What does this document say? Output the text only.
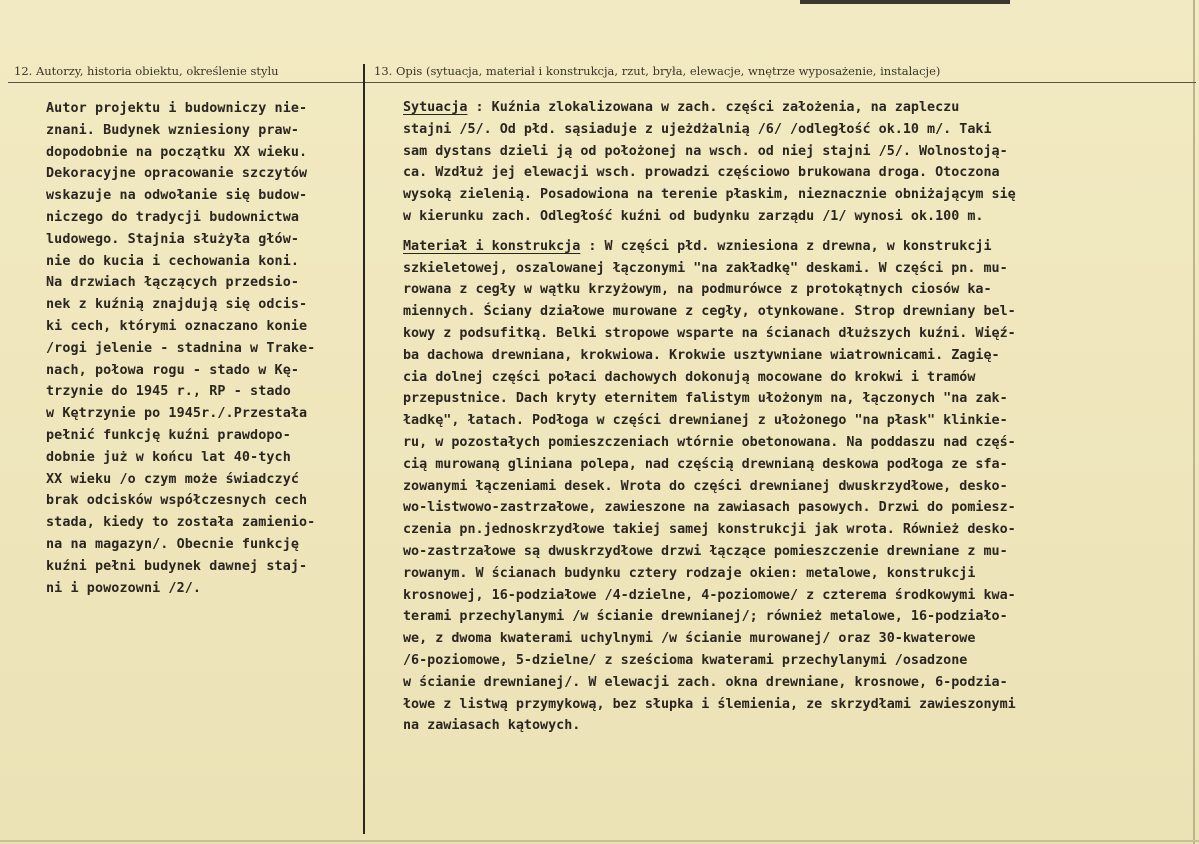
12. Autorzy, historia obiektu, określenie stylu	13. Opis (sytuacja, materiał i konstrukcja, rzut, bryła, elewacje, wnętrze wyposażenie, instalacje)
Autor projektu i budowniczy nie-
znani. Budynek wzniesiony praw-
dopodobnie na początku XX wieku.
Dekoracyjne opracowanie szczytów
wskazuje na odwołanie się budow-
niczego do tradycji budownictwa
ludowego. Stajnia służyła głów-
nie do kucia i cechowania koni.
Na drzwiach łączących przedsio-
nek z kuźnią znajdują się odcis-
ki cech, którymi oznaczano konie
/rogi jelenie - stadnina w Trake-
nach, połowa rogu - stado w Kę-
trzynie do 1945 r., RP - stado
w Kętrzynie po 1945r./.Przestała
pełnić funkcję kuźni prawdopo-
dobnie już w końcu lat 40-tych
XX wieku /o czym może świadczyć
brak odcisków współczesnych cech
stada, kiedy to została zamienio-
na na magazyn/. Obecnie funkcję
kuźni pełni budynek dawnej staj-
ni i powozowni /2/.
Sytuacja : Kuźnia zlokalizowana w zach. części założenia, na zapleczu
stajni /5/. Od płd. sąsiaduje z ujeżdżalnią /6/ /odległość ok.10 m/. Taki
sam dystans dzieli ją od położonej na wsch. od niej stajni /5/. Wolnostoją-
ca. Wzdłuż jej elewacji wsch. prowadzi częściowo brukowana droga. Otoczona
wysoką zielenią. Posadowiona na terenie płaskim, nieznacznie obniżającym się
w kierunku zach. Odległość kuźni od budynku zarządu /1/ wynosi ok.100 m.
Materiał i konstrukcja : W części płd. wzniesiona z drewna, w konstrukcji
szkieletowej, oszalowanej łączonymi "na zakładkę" deskami. W części pn. mu-
rowana z cegły w wątku krzyżowym, na podmurówce z protokątnych ciosów ka-
miennych. Ściany działowe murowane z cegły, otynkowane. Strop drewniany bel-
kowy z podsufitką. Belki stropowe wsparte na ścianach dłuższych kuźni. Więź-
ba dachowa drewniana, krokwiowa. Krokwie usztywniane wiatrownicami. Zagię-
cia dolnej części połaci dachowych dokonują mocowane do krokwi i tramów
przepustnice. Dach kryty eternitem falistym ułożonym na, łączonych "na zak-
ładkę", łatach. Podłoga w części drewnianej z ułożonego "na płask" klinkie-
ru, w pozostałych pomieszczeniach wtórnie obetonowana. Na poddaszu nad częś-
cią murowaną gliniana polepa, nad częścią drewnianą deskowa podłoga ze sfa-
zowanymi łączeniami desek. Wrota do części drewnianej dwuskrzydłowe, desko-
wo-listwowo-zastrzałowe, zawieszone na zawiasach pasowych. Drzwi do pomiesz-
czenia pn.jednoskrzydłowe takiej samej konstrukcji jak wrota. Również desko-
wo-zastrzałowe są dwuskrzydłowe drzwi łączące pomieszczenie drewniane z mu-
rowanym. W ścianach budynku cztery rodzaje okien: metalowe, konstrukcji
krosnowej, 16-podziałowe /4-dzielne, 4-poziomowe/ z czterema środkowymi kwa-
terami przechylanymi /w ścianie drewnianej/; również metalowe, 16-podziało-
we, z dwoma kwaterami uchylnymi /w ścianie murowanej/ oraz 30-kwaterowe
/6-poziomowe, 5-dzielne/ z sześcioma kwaterami przechylanymi /osadzone
w ścianie drewnianej/. W elewacji zach. okna drewniane, krosnowe, 6-podzia-
łowe z listwą przymykową, bez słupka i ślemienia, ze skrzydłami zawieszonymi
na zawiasach kątowych.
